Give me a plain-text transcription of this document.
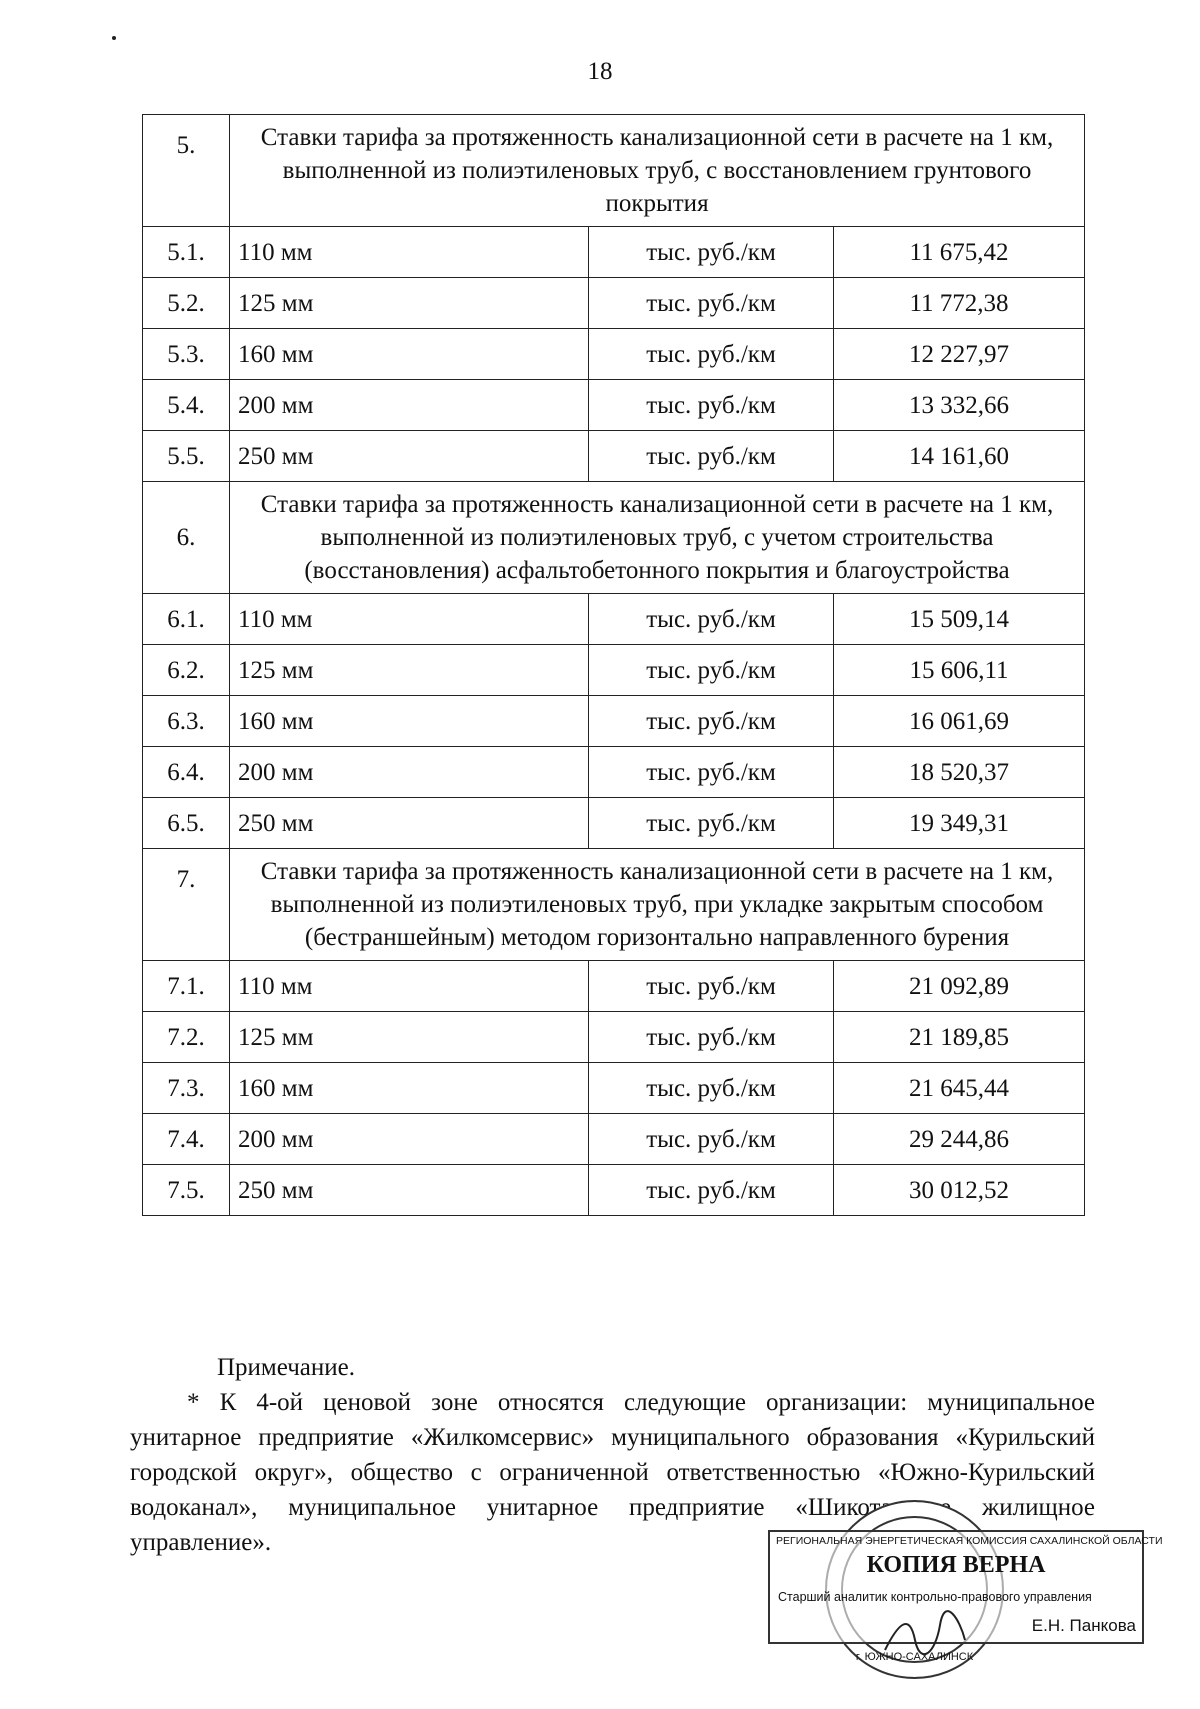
18
5.	Ставки тарифа за протяженность канализационной сети в расчете на 1 км, выполненной из полиэтиленовых труб, с восстановлением грунтового покрытия		
5.1.	110 мм	тыс. руб./км	11 675,42
5.2.	125 мм	тыс. руб./км	11 772,38
5.3.	160 мм	тыс. руб./км	12 227,97
5.4.	200 мм	тыс. руб./км	13 332,66
5.5.	250 мм	тыс. руб./км	14 161,60
6.	Ставки тарифа за протяженность канализационной сети в расчете на 1 км, выполненной из полиэтиленовых труб, с учетом строительства (восстановления) асфальтобетонного покрытия и благоустройства		
6.1.	110 мм	тыс. руб./км	15 509,14
6.2.	125 мм	тыс. руб./км	15 606,11
6.3.	160 мм	тыс. руб./км	16 061,69
6.4.	200 мм	тыс. руб./км	18 520,37
6.5.	250 мм	тыс. руб./км	19 349,31
7.	Ставки тарифа за протяженность канализационной сети в расчете на 1 км, выполненной из полиэтиленовых труб, при укладке закрытым способом (бестраншейным) методом горизонтально направленного бурения		
7.1.	110 мм	тыс. руб./км	21 092,89
7.2.	125 мм	тыс. руб./км	21 189,85
7.3.	160 мм	тыс. руб./км	21 645,44
7.4.	200 мм	тыс. руб./км	29 244,86
7.5.	250 мм	тыс. руб./км	30 012,52
Примечание.
* К 4-ой ценовой зоне относятся следующие организации: муниципальное унитарное предприятие «Жилкомсервис» муниципального образования «Курильский городской округ», общество с ограниченной ответственностью «Южно-Курильский водоканал», муниципальное унитарное предприятие «Шикотанское жилищное управление».
г. ЮЖНО-САХАЛИНСК
РЕГИОНАЛЬНАЯ ЭНЕРГЕТИЧЕСКАЯ КОМИССИЯ САХАЛИНСКОЙ ОБЛАСТИ
КОПИЯ ВЕРНА
Старший аналитик контрольно-правового управления
Е.Н. Панкова
